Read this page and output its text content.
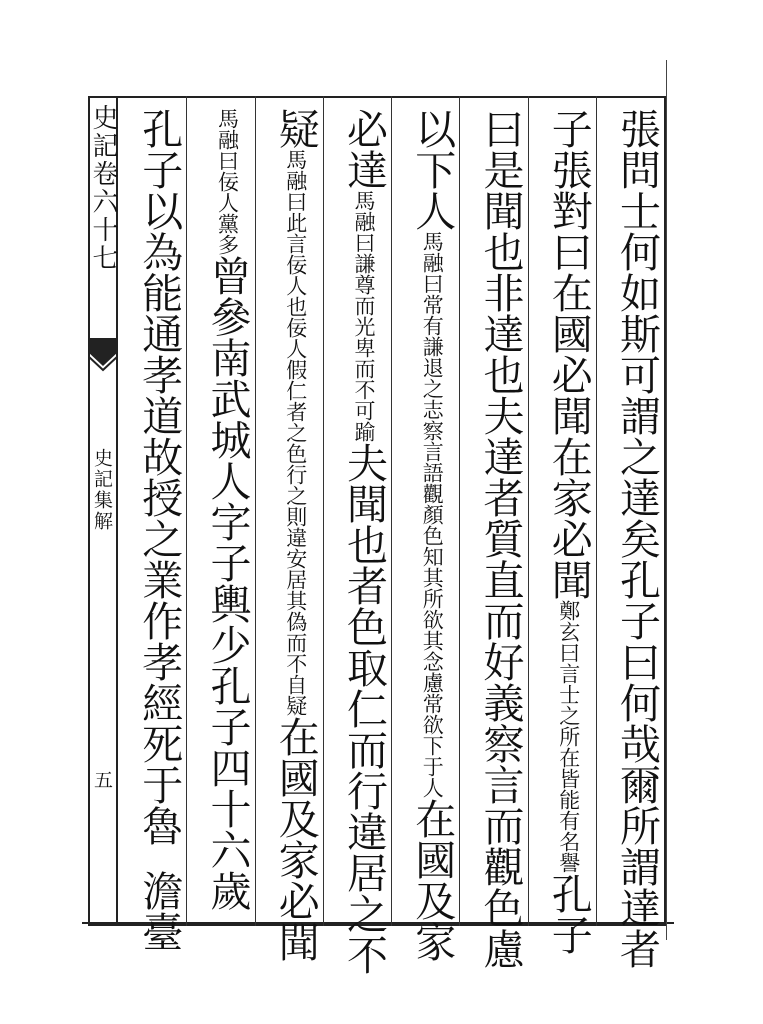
史記卷六十七
史記集解
五	張問士何如斯可謂之達矣孔子曰何哉爾所謂達者
子張對曰在國必聞在家必聞鄭玄曰言士之所在皆能有名譽孔子
曰是聞也非達也夫達者質直而好義察言而觀色慮
以下人馬融曰常有謙退之志察言語觀顏色知其所欲其念慮常欲下于人在國及家
必達馬融曰謙尊而光卑而不可踰夫聞也者色取仁而行違居之不
疑馬融曰此言佞人也佞人假仁者之色行之則違安居其偽而不自疑在國及家必聞
馬融曰佞人黨多曾參南武城人字子輿少孔子四十六歲
孔子以為能通孝道故授之業作孝經死于魯澹臺
